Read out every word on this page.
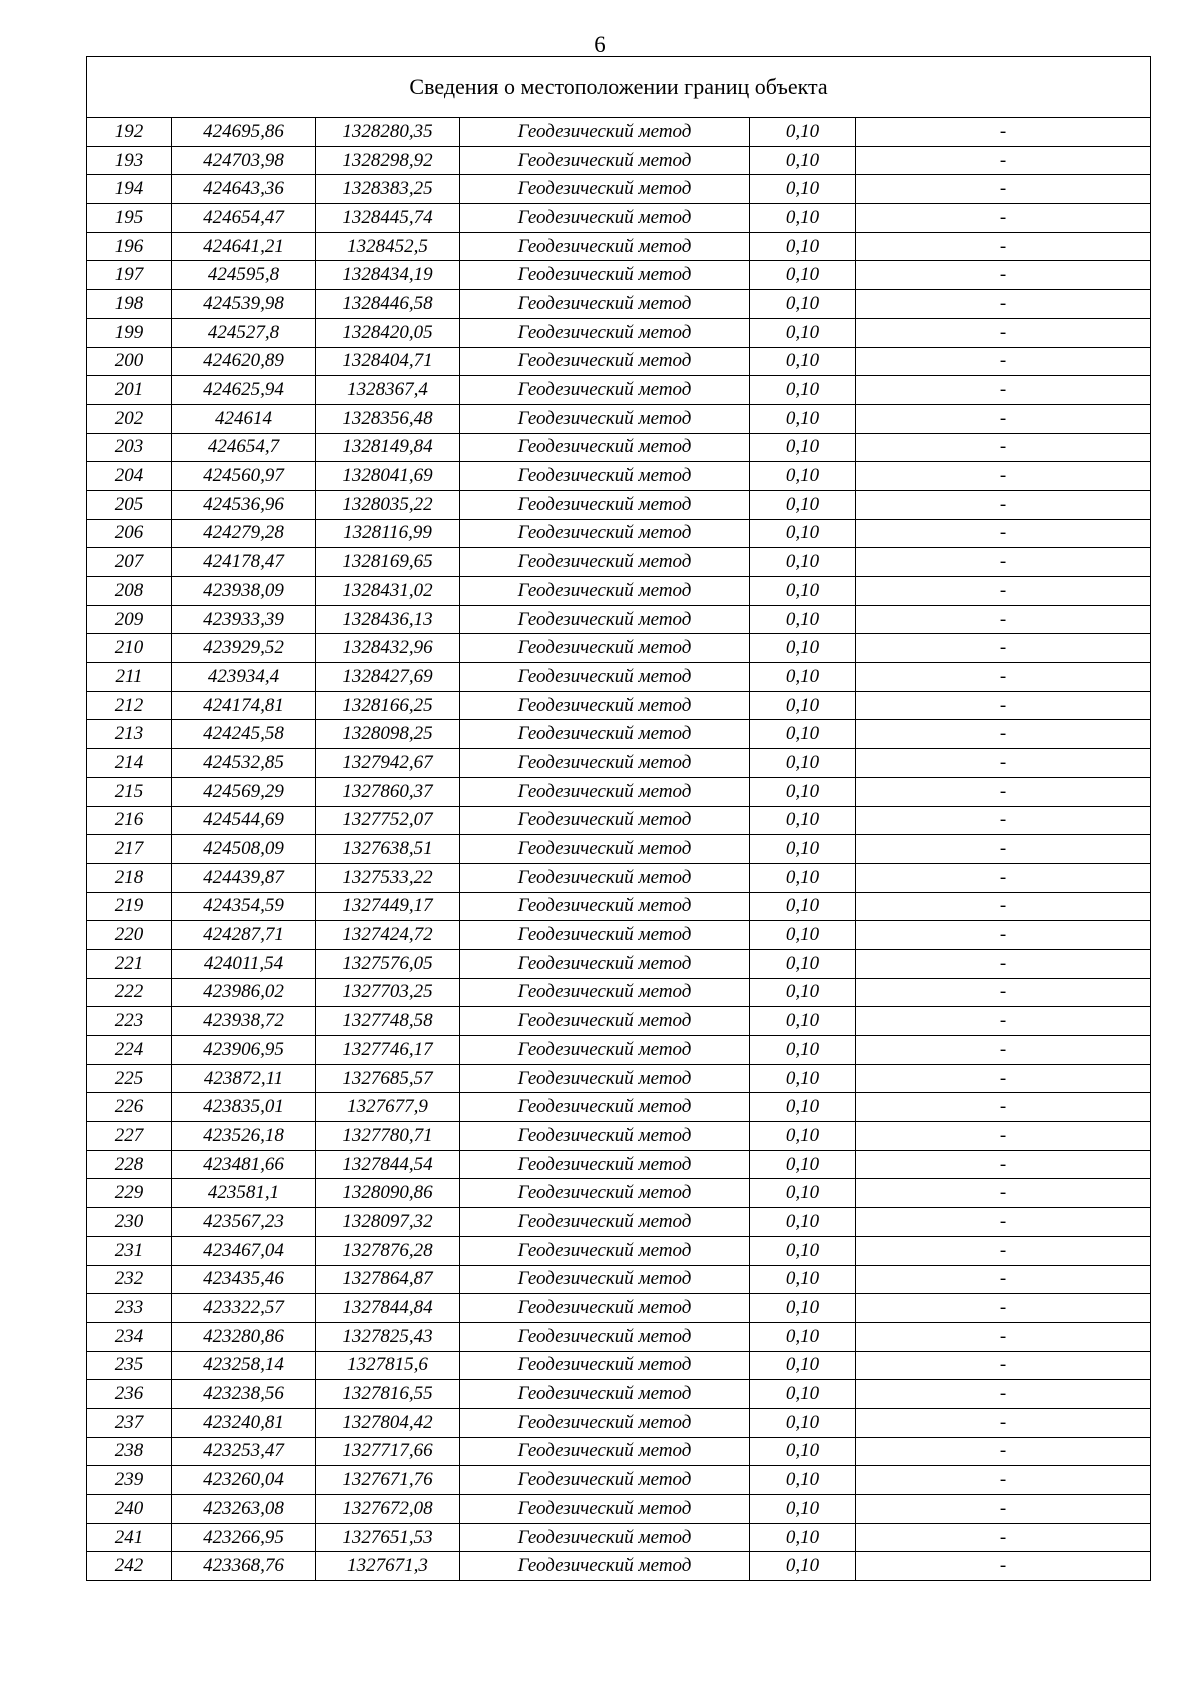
6
Сведения о местоположении границ объекта					
192	424695,86	1328280,35	Геодезический метод	0,10	-
193	424703,98	1328298,92	Геодезический метод	0,10	-
194	424643,36	1328383,25	Геодезический метод	0,10	-
195	424654,47	1328445,74	Геодезический метод	0,10	-
196	424641,21	1328452,5	Геодезический метод	0,10	-
197	424595,8	1328434,19	Геодезический метод	0,10	-
198	424539,98	1328446,58	Геодезический метод	0,10	-
199	424527,8	1328420,05	Геодезический метод	0,10	-
200	424620,89	1328404,71	Геодезический метод	0,10	-
201	424625,94	1328367,4	Геодезический метод	0,10	-
202	424614	1328356,48	Геодезический метод	0,10	-
203	424654,7	1328149,84	Геодезический метод	0,10	-
204	424560,97	1328041,69	Геодезический метод	0,10	-
205	424536,96	1328035,22	Геодезический метод	0,10	-
206	424279,28	1328116,99	Геодезический метод	0,10	-
207	424178,47	1328169,65	Геодезический метод	0,10	-
208	423938,09	1328431,02	Геодезический метод	0,10	-
209	423933,39	1328436,13	Геодезический метод	0,10	-
210	423929,52	1328432,96	Геодезический метод	0,10	-
211	423934,4	1328427,69	Геодезический метод	0,10	-
212	424174,81	1328166,25	Геодезический метод	0,10	-
213	424245,58	1328098,25	Геодезический метод	0,10	-
214	424532,85	1327942,67	Геодезический метод	0,10	-
215	424569,29	1327860,37	Геодезический метод	0,10	-
216	424544,69	1327752,07	Геодезический метод	0,10	-
217	424508,09	1327638,51	Геодезический метод	0,10	-
218	424439,87	1327533,22	Геодезический метод	0,10	-
219	424354,59	1327449,17	Геодезический метод	0,10	-
220	424287,71	1327424,72	Геодезический метод	0,10	-
221	424011,54	1327576,05	Геодезический метод	0,10	-
222	423986,02	1327703,25	Геодезический метод	0,10	-
223	423938,72	1327748,58	Геодезический метод	0,10	-
224	423906,95	1327746,17	Геодезический метод	0,10	-
225	423872,11	1327685,57	Геодезический метод	0,10	-
226	423835,01	1327677,9	Геодезический метод	0,10	-
227	423526,18	1327780,71	Геодезический метод	0,10	-
228	423481,66	1327844,54	Геодезический метод	0,10	-
229	423581,1	1328090,86	Геодезический метод	0,10	-
230	423567,23	1328097,32	Геодезический метод	0,10	-
231	423467,04	1327876,28	Геодезический метод	0,10	-
232	423435,46	1327864,87	Геодезический метод	0,10	-
233	423322,57	1327844,84	Геодезический метод	0,10	-
234	423280,86	1327825,43	Геодезический метод	0,10	-
235	423258,14	1327815,6	Геодезический метод	0,10	-
236	423238,56	1327816,55	Геодезический метод	0,10	-
237	423240,81	1327804,42	Геодезический метод	0,10	-
238	423253,47	1327717,66	Геодезический метод	0,10	-
239	423260,04	1327671,76	Геодезический метод	0,10	-
240	423263,08	1327672,08	Геодезический метод	0,10	-
241	423266,95	1327651,53	Геодезический метод	0,10	-
242	423368,76	1327671,3	Геодезический метод	0,10	-
